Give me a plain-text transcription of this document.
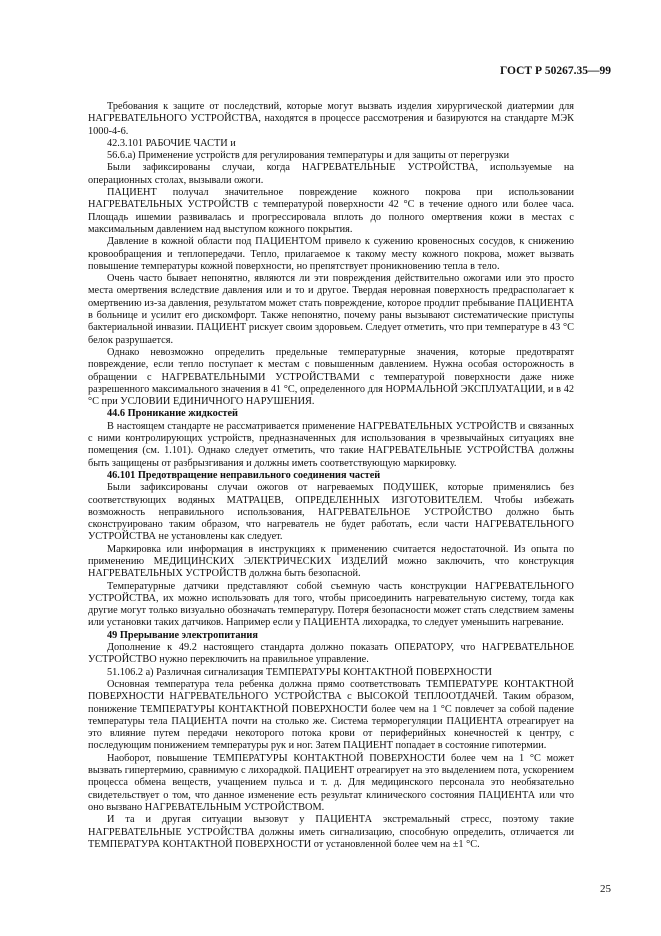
ГОСТ Р 50267.35—99

Требования к защите от последствий, которые могут вызвать изделия хирургической диатермии для НАГРЕВАТЕЛЬНОГО УСТРОЙСТВА, находятся в процессе рассмотрения и базируются на стандарте МЭК 1000-4-6.

42.3.101 РАБОЧИЕ ЧАСТИ и

56.6.а) Применение устройств для регулирования температуры и для защиты от перегрузки

Были зафиксированы случаи, когда НАГРЕВАТЕЛЬНЫЕ УСТРОЙСТВА, используемые на операционных столах, вызывали ожоги.

ПАЦИЕНТ получал значительное повреждение кожного покрова при использовании НАГРЕВАТЕЛЬНЫХ УСТРОЙСТВ с температурой поверхности 42 °С в течение одного или более часа. Площадь ишемии развивалась и прогрессировала вплоть до полного омертвения кожи в местах с максимальным давлением над выступом кожного покрытия.

Давление в кожной области под ПАЦИЕНТОМ привело к сужению кровеносных сосудов, к снижению кровообращения и теплопередачи. Тепло, прилагаемое к такому месту кожного покрова, может вызвать повышение температуры кожной поверхности, но препятствует проникновению тепла в тело.

Очень часто бывает непонятно, являются ли эти повреждения действительно ожогами или это просто места омертвения вследствие давления или и то и другое. Твердая неровная поверхность предрасполагает к омертвению из-за давления, результатом может стать повреждение, которое продлит пребывание ПАЦИЕНТА в больнице и усилит его дискомфорт. Также непонятно, почему раны вызывают систематические приступы бактериальной инвазии. ПАЦИЕНТ рискует своим здоровьем. Следует отметить, что при температуре в 43 °С белок разрушается.

Однако невозможно определить предельные температурные значения, которые предотвратят повреждение, если тепло поступает к местам с повышенным давлением. Нужна особая осторожность в обращении с НАГРЕВАТЕЛЬНЫМИ УСТРОЙСТВАМИ с температурой поверхности даже ниже разрешенного максимального значения в 41 °С, определенного для НОРМАЛЬНОЙ ЭКСПЛУАТАЦИИ, и в 42 °С при УСЛОВИИ ЕДИНИЧНОГО НАРУШЕНИЯ.

44.6 Проникание жидкостей

В настоящем стандарте не рассматривается применение НАГРЕВАТЕЛЬНЫХ УСТРОЙСТВ и связанных с ними контролирующих устройств, предназначенных для использования в чрезвычайных ситуациях вне помещения (см. 1.101). Однако следует отметить, что такие НАГРЕВАТЕЛЬНЫЕ УСТРОЙСТВА должны быть защищены от разбрызгивания и должны иметь соответствующую маркировку.

46.101 Предотвращение неправильного соединения частей

Были зафиксированы случаи ожогов от нагреваемых ПОДУШЕК, которые применялись без соответствующих водяных МАТРАЦЕВ, ОПРЕДЕЛЕННЫХ ИЗГОТОВИТЕЛЕМ. Чтобы избежать возможность неправильного использования, НАГРЕВАТЕЛЬНОЕ УСТРОЙСТВО должно быть сконструировано таким образом, что нагреватель не будет работать, если части НАГРЕВАТЕЛЬНОГО УСТРОЙСТВА не установлены как следует.

Маркировка или информация в инструкциях к применению считается недостаточной. Из опыта по применению МЕДИЦИНСКИХ ЭЛЕКТРИЧЕСКИХ ИЗДЕЛИЙ можно заключить, что конструкция НАГРЕВАТЕЛЬНЫХ УСТРОЙСТВ должна быть безопасной.

Температурные датчики представляют собой съемную часть конструкции НАГРЕВАТЕЛЬНОГО УСТРОЙСТВА, их можно использовать для того, чтобы присоединить нагревательную систему, тогда как другие могут только визуально обозначать температуру. Потеря безопасности может стать следствием замены или установки таких датчиков. Например если у ПАЦИЕНТА лихорадка, то следует уменьшить нагревание.

49 Прерывание электропитания

Дополнение к 49.2 настоящего стандарта должно показать ОПЕРАТОРУ, что НАГРЕВАТЕЛЬНОЕ УСТРОЙСТВО нужно переключить на правильное управление.

51.106.2 а) Различная сигнализация ТЕМПЕРАТУРЫ КОНТАКТНОЙ ПОВЕРХНОСТИ

Основная температура тела ребенка должна прямо соответствовать ТЕМПЕРАТУРЕ КОНТАКТНОЙ ПОВЕРХНОСТИ НАГРЕВАТЕЛЬНОГО УСТРОЙСТВА с ВЫСОКОЙ ТЕПЛООТДАЧЕЙ. Таким образом, понижение ТЕМПЕРАТУРЫ КОНТАКТНОЙ ПОВЕРХНОСТИ более чем на 1 °С повлечет за собой падение температуры тела ПАЦИЕНТА почти на столько же. Система терморегуляции ПАЦИЕНТА отреагирует на это влияние путем передачи некоторого потока крови от периферийных конечностей к центру, с последующим понижением температуры рук и ног. Затем ПАЦИЕНТ попадает в состояние гипотермии.

Наоборот, повышение ТЕМПЕРАТУРЫ КОНТАКТНОЙ ПОВЕРХНОСТИ более чем на 1 °С может вызвать гипертермию, сравнимую с лихорадкой. ПАЦИЕНТ отреагирует на это выделением пота, ускорением процесса обмена веществ, учащением пульса и т. д. Для медицинского персонала это необязательно свидетельствует о том, что данное изменение есть результат клинического состояния ПАЦИЕНТА или что оно вызвано НАГРЕВАТЕЛЬНЫМ УСТРОЙСТВОМ.

И та и другая ситуации вызовут у ПАЦИЕНТА экстремальный стресс, поэтому такие НАГРЕВАТЕЛЬНЫЕ УСТРОЙСТВА должны иметь сигнализацию, способную определить, отличается ли ТЕМПЕРАТУРА КОНТАКТНОЙ ПОВЕРХНОСТИ от установленной более чем на ±1 °С.

25
